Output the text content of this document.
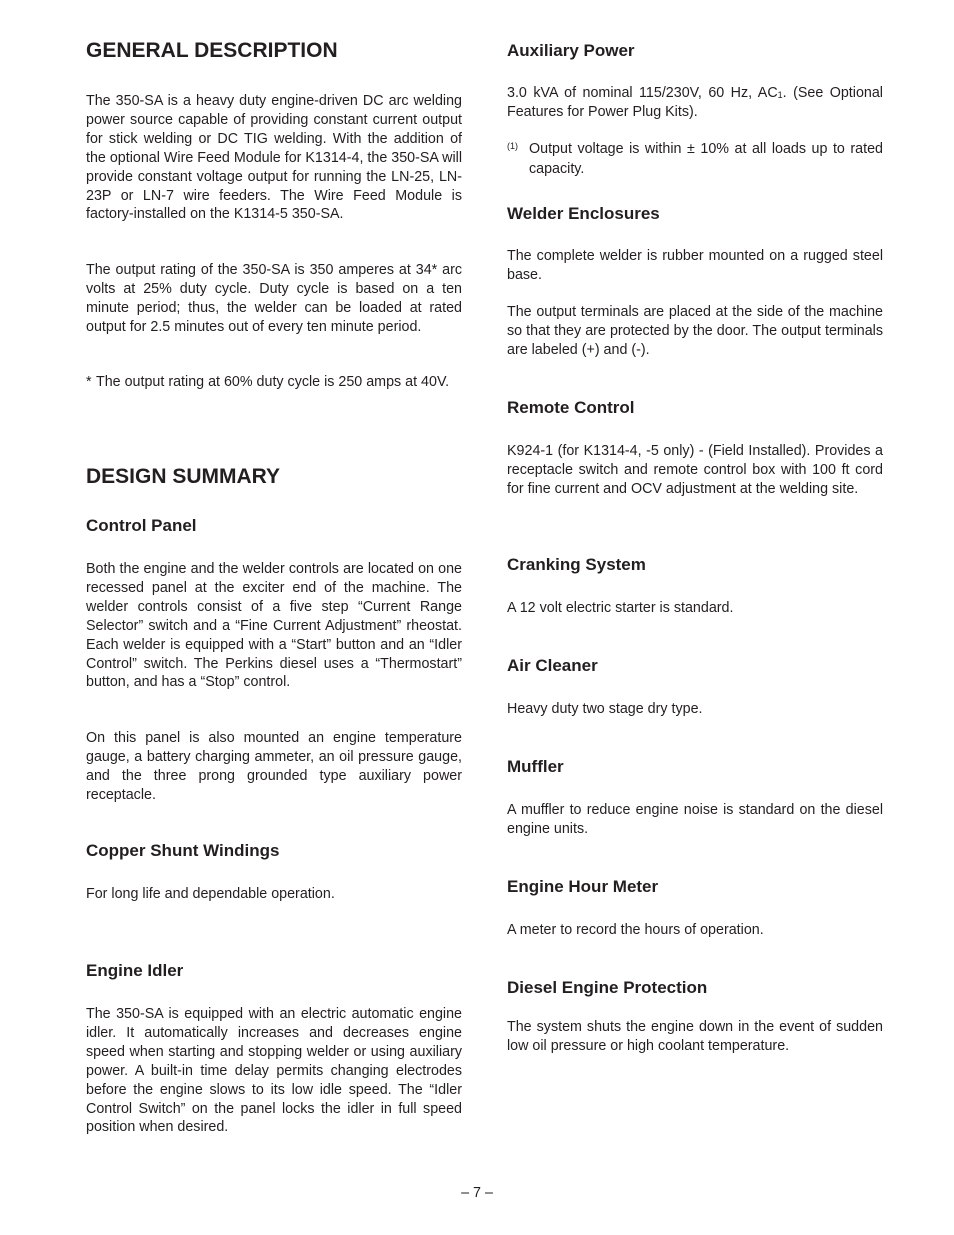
GENERAL DESCRIPTION

The 350-SA is a heavy duty engine-driven DC arc welding power source capable of providing constant current output for stick welding or DC TIG welding. With the addition of the optional Wire Feed Module for K1314-4, the 350-SA will provide constant voltage output for running the LN-25, LN-23P or LN-7 wire feeders. The Wire Feed Module is factory-installed on the K1314-5 350-SA.

The output rating of the 350-SA is 350 amperes at 34* arc volts at 25% duty cycle. Duty cycle is based on a ten minute period; thus, the welder can be loaded at rated output for 2.5 minutes out of every ten minute period.

* The output rating at 60% duty cycle is 250 amps at 40V.
DESIGN SUMMARY
Control Panel

Both the engine and the welder controls are located on one recessed panel at the exciter end of the machine. The welder controls consist of a five step “Current Range Selector” switch and a “Fine Current Adjustment” rheostat. Each welder is equipped with a “Start” button and an “Idler Control” switch. The Perkins diesel uses a “Thermostart” button, and has a “Stop” control.

On this panel is also mounted an engine temperature gauge, a battery charging ammeter, an oil pressure gauge, and the three prong grounded type auxiliary power receptacle.

Copper Shunt Windings

For long life and dependable operation.

Engine Idler

The 350-SA is equipped with an electric automatic engine idler. It automatically increases and decreases engine speed when starting and stopping welder or using auxiliary power. A built-in time delay permits changing electrodes before the engine slows to its low idle speed. The “Idler Control Switch” on the panel locks the idler in full speed position when desired.

Auxiliary Power

3.0 kVA of nominal 115/230V, 60 Hz, AC$^1$. (See Optional Features for Power Plug Kits).

(1) Output voltage is within ± 10% at all loads up to rated capacity.
Welder Enclosures

The complete welder is rubber mounted on a rugged steel base.

The output terminals are placed at the side of the machine so that they are protected by the door. The output terminals are labeled (+) and (-).

Remote Control

K924-1 (for K1314-4, -5 only) - (Field Installed). Provides a receptacle switch and remote control box with 100 ft cord for fine current and OCV adjustment at the welding site.

Cranking System

A 12 volt electric starter is standard.

Air Cleaner

Heavy duty two stage dry type.

Muffler

A muffler to reduce engine noise is standard on the diesel engine units.

Engine Hour Meter

A meter to record the hours of operation.

Diesel Engine Protection

The system shuts the engine down in the event of sudden low oil pressure or high coolant temperature.

– 7 –
